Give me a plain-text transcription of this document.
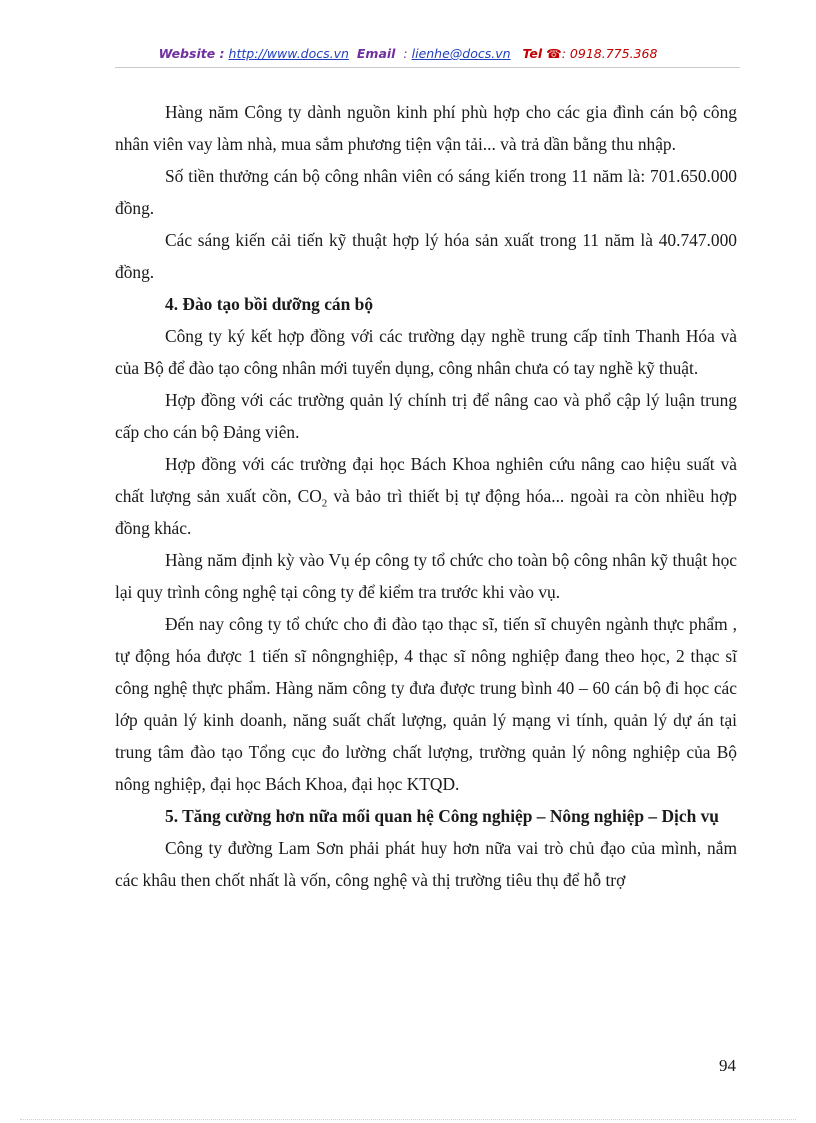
Website : http://www.docs.vn Email : lienhe@docs.vn Tel ☎: 0918.775.368

Hàng năm Công ty dành nguồn kinh phí phù hợp cho các gia đình cán bộ công nhân viên vay làm nhà, mua sắm phương tiện vận tải... và trả dần bằng thu nhập.

Số tiền thưởng cán bộ công nhân viên có sáng kiến trong 11 năm là: 701.650.000 đồng.

Các sáng kiến cải tiến kỹ thuật hợp lý hóa sản xuất trong 11 năm là 40.747.000 đồng.

4. Đào tạo bồi dưỡng cán bộ

Công ty ký kết hợp đồng với các trường dạy nghề trung cấp tỉnh Thanh Hóa và của Bộ để đào tạo công nhân mới tuyển dụng, công nhân chưa có tay nghề kỹ thuật.

Hợp đồng với các trường quản lý chính trị để nâng cao và phổ cập lý luận trung cấp cho cán bộ Đảng viên.

Hợp đồng với các trường đại học Bách Khoa nghiên cứu nâng cao hiệu suất và chất lượng sản xuất cồn, $CO_2$ và bảo trì thiết bị tự động hóa... ngoài ra còn nhiều hợp đồng khác.

Hàng năm định kỳ vào Vụ ép công ty tổ chức cho toàn bộ công nhân kỹ thuật học lại quy trình công nghệ tại công ty để kiểm tra trước khi vào vụ.

Đến nay công ty tổ chức cho đi đào tạo thạc sĩ, tiến sĩ chuyên ngành thực phẩm , tự động hóa được 1 tiến sĩ nôngnghiệp, 4 thạc sĩ nông nghiệp đang theo học, 2 thạc sĩ công nghệ thực phẩm. Hàng năm công ty đưa được trung bình 40 – 60 cán bộ đi học các lớp quản lý kinh doanh, năng suất chất lượng, quản lý mạng vi tính, quản lý dự án tại trung tâm đào tạo Tổng cục đo lường chất lượng, trường quản lý nông nghiệp của Bộ nông nghiệp, đại học Bách Khoa, đại học KTQD.

5. Tăng cường hơn nữa mối quan hệ Công nghiệp – Nông nghiệp – Dịch vụ

Công ty đường Lam Sơn phải phát huy hơn nữa vai trò chủ đạo của mình, nắm các khâu then chốt nhất là vốn, công nghệ và thị trường tiêu thụ để hỗ trợ

94
